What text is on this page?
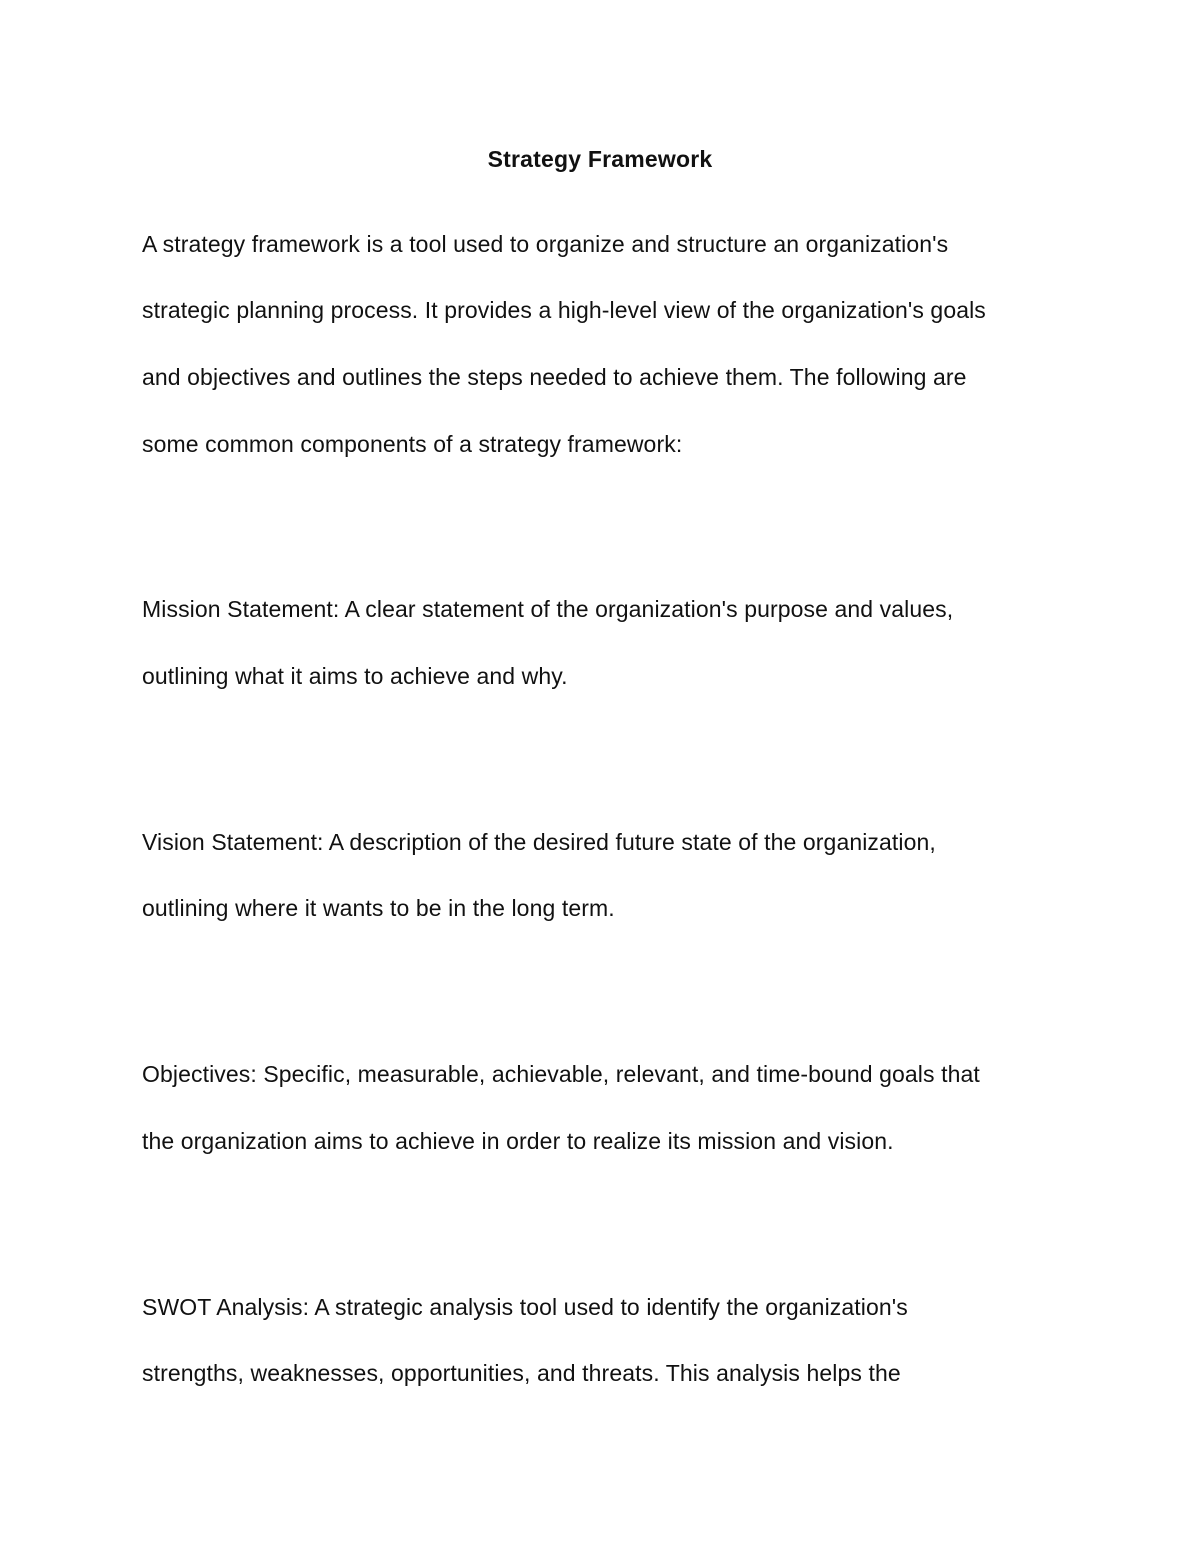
Strategy Framework
A strategy framework is a tool used to organize and structure an organization's
strategic planning process. It provides a high-level view of the organization's goals
and objectives and outlines the steps needed to achieve them. The following are
some common components of a strategy framework:
Mission Statement: A clear statement of the organization's purpose and values,
outlining what it aims to achieve and why.
Vision Statement: A description of the desired future state of the organization,
outlining where it wants to be in the long term.
Objectives: Specific, measurable, achievable, relevant, and time-bound goals that
the organization aims to achieve in order to realize its mission and vision.
SWOT Analysis: A strategic analysis tool used to identify the organization's
strengths, weaknesses, opportunities, and threats. This analysis helps the
